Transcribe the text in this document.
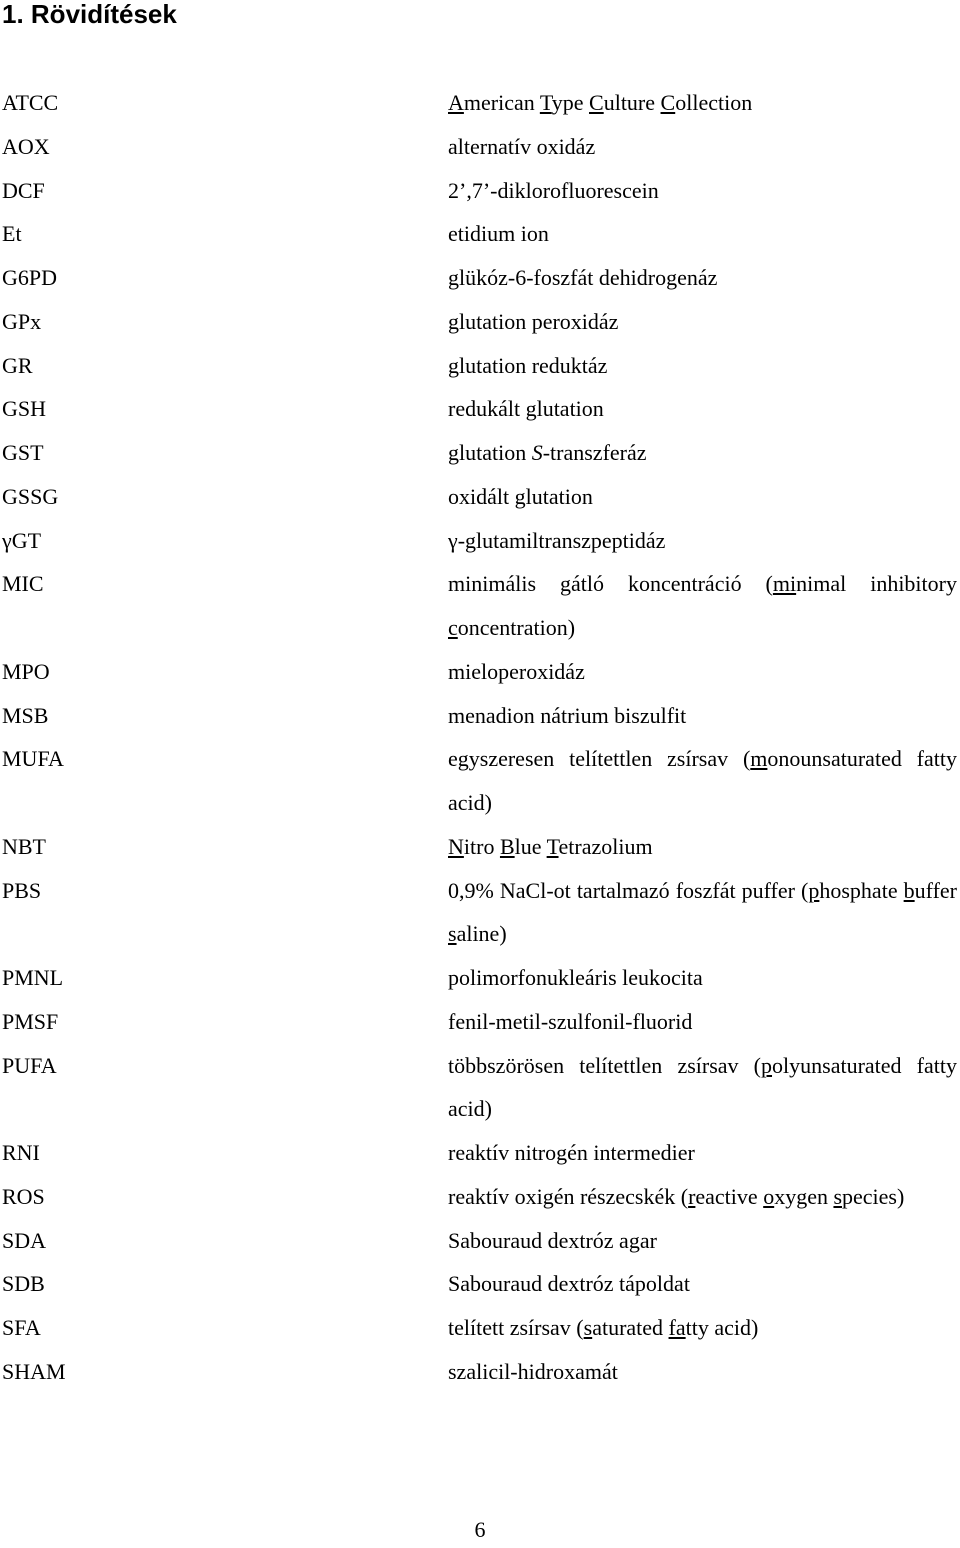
1. Rövidítések
ATCC	American Type Culture Collection
AOX	alternatív oxidáz
DCF	2’,7’-diklorofluorescein
Et	etidium ion
G6PD	glükóz-6-foszfát dehidrogenáz
GPx	glutation peroxidáz
GR	glutation reduktáz
GSH	redukált glutation
GST	glutation S-transzferáz
GSSG	oxidált glutation
γGT	γ-glutamiltranszpeptidáz
MIC	minimális gátló koncentráció (minimal inhibitory concentration)
MPO	mieloperoxidáz
MSB	menadion nátrium biszulfit
MUFA	egyszeresen telítettlen zsírsav (monounsaturated fatty acid)
NBT	Nitro Blue Tetrazolium
PBS	0,9% NaCl-ot tartalmazó foszfát puffer (phosphate buffer saline)
PMNL	polimorfonukleáris leukocita
PMSF	fenil-metil-szulfonil-fluorid
PUFA	többszörösen telítettlen zsírsav (polyunsaturated fatty acid)
RNI	reaktív nitrogén intermedier
ROS	reaktív oxigén részecskék (reactive oxygen species)
SDA	Sabouraud dextróz agar
SDB	Sabouraud dextróz tápoldat
SFA	telített zsírsav (saturated fatty acid)
SHAM	szalicil-hidroxamát
6
